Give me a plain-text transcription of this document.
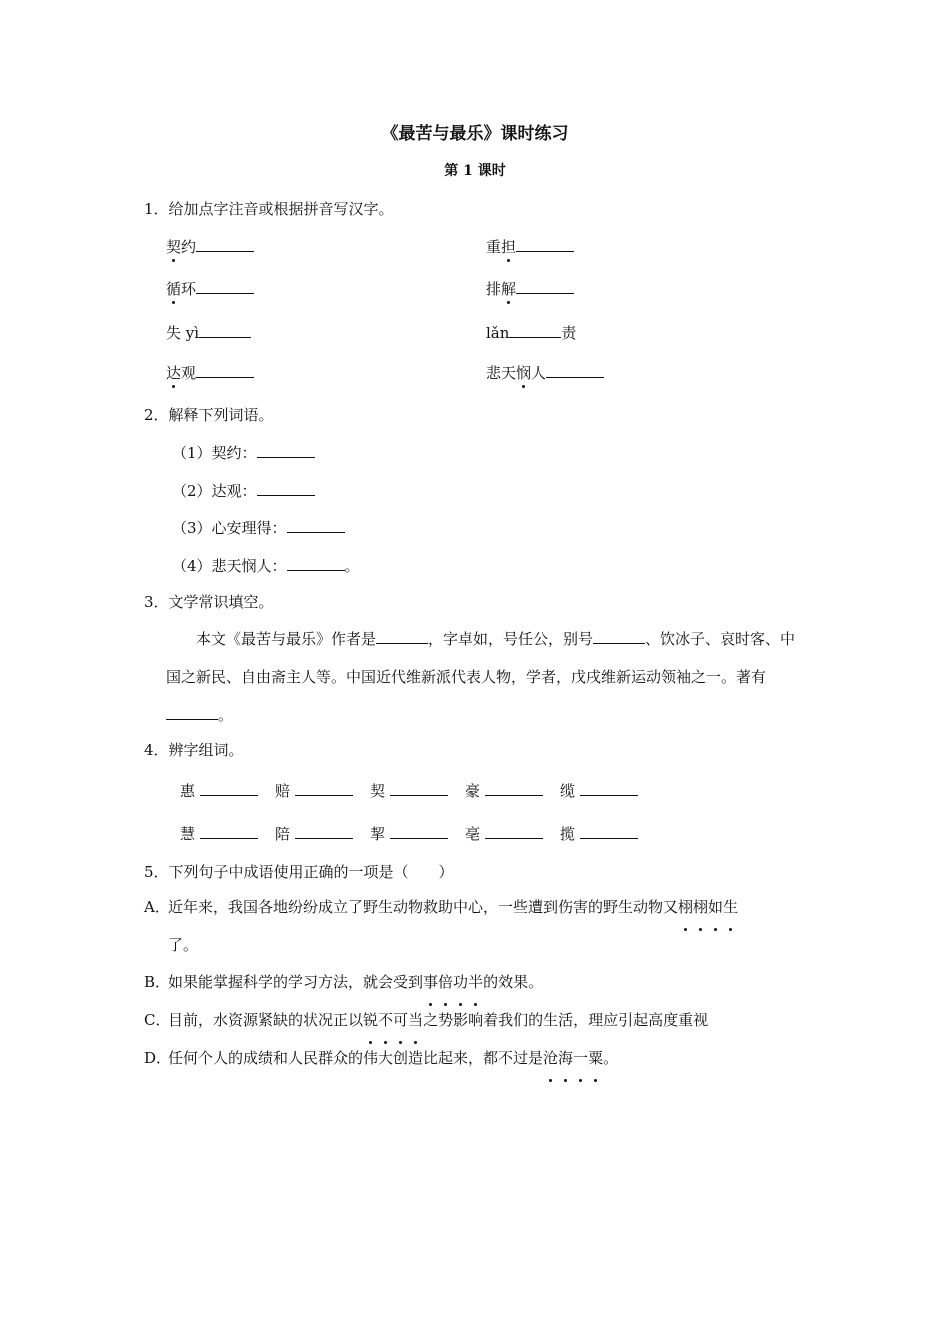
《最苦与最乐》课时练习
第 1 课时
1．给加点字注音或根据拼音写汉字。
契约	重担
循环	排解
失 yì	lǎn	责
达观	悲天悯人
2．解释下列词语。
（1）契约：
（2）达观：
（3）心安理得：
（4）悲天悯人：	。
3．文学常识填空。
本文《最苦与最乐》作者是	，字卓如，号任公，别号	、饮冰子、哀时客、中国之新民、自由斋主人等。中国近代维新派代表人物，学者，戊戌维新运动领袖之一。著有。
4．辨字组词。
惠	赔	契	豪	缆
慧	陪	挈	亳	揽
5．下列句子中成语使用正确的一项是（　　）
A．近年来，我国各地纷纷成立了野生动物救助中心，一些遭到伤害的野生动物又栩栩如生
了。
B．如果能掌握科学的学习方法，就会受到事倍功半的效果。
C．目前，水资源紧缺的状况正以锐不可当之势影响着我们的生活，理应引起高度重视
D．任何个人的成绩和人民群众的伟大创造比起来，都不过是沧海一粟。
